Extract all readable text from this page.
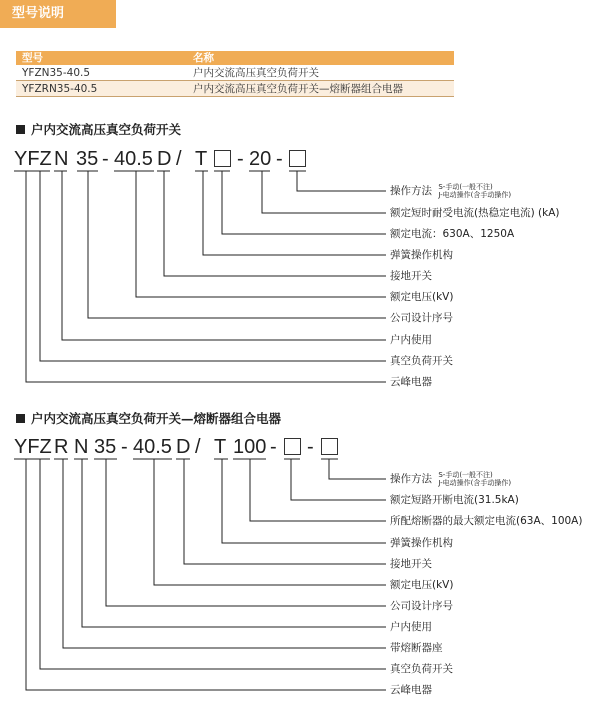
型号说明
型号	名称
YFZN35-40.5	户内交流高压真空负荷开关
YFZRN35-40.5	户内交流高压真空负荷开关—熔断器组合电器
户内交流高压真空负荷开关
YFZ N 35 - 40.5 D / T - 20 -
操作方法 S-手动(一般不注)
J-电动操作(含手动操作)
额定短时耐受电流(热稳定电流) (kA)
额定电流：630A、1250A
弹簧操作机构
接地开关
额定电压(kV)
公司设计序号
户内使用
真空负荷开关
云峰电器
户内交流高压真空负荷开关—熔断器组合电器
YFZ R N 35 - 40.5 D / T 100 - -
操作方法 S-手动(一般不注)
J-电动操作(含手动操作)
额定短路开断电流(31.5kA)
所配熔断器的最大额定电流(63A、100A)
弹簧操作机构
接地开关
额定电压(kV)
公司设计序号
户内使用
带熔断器座
真空负荷开关
云峰电器
